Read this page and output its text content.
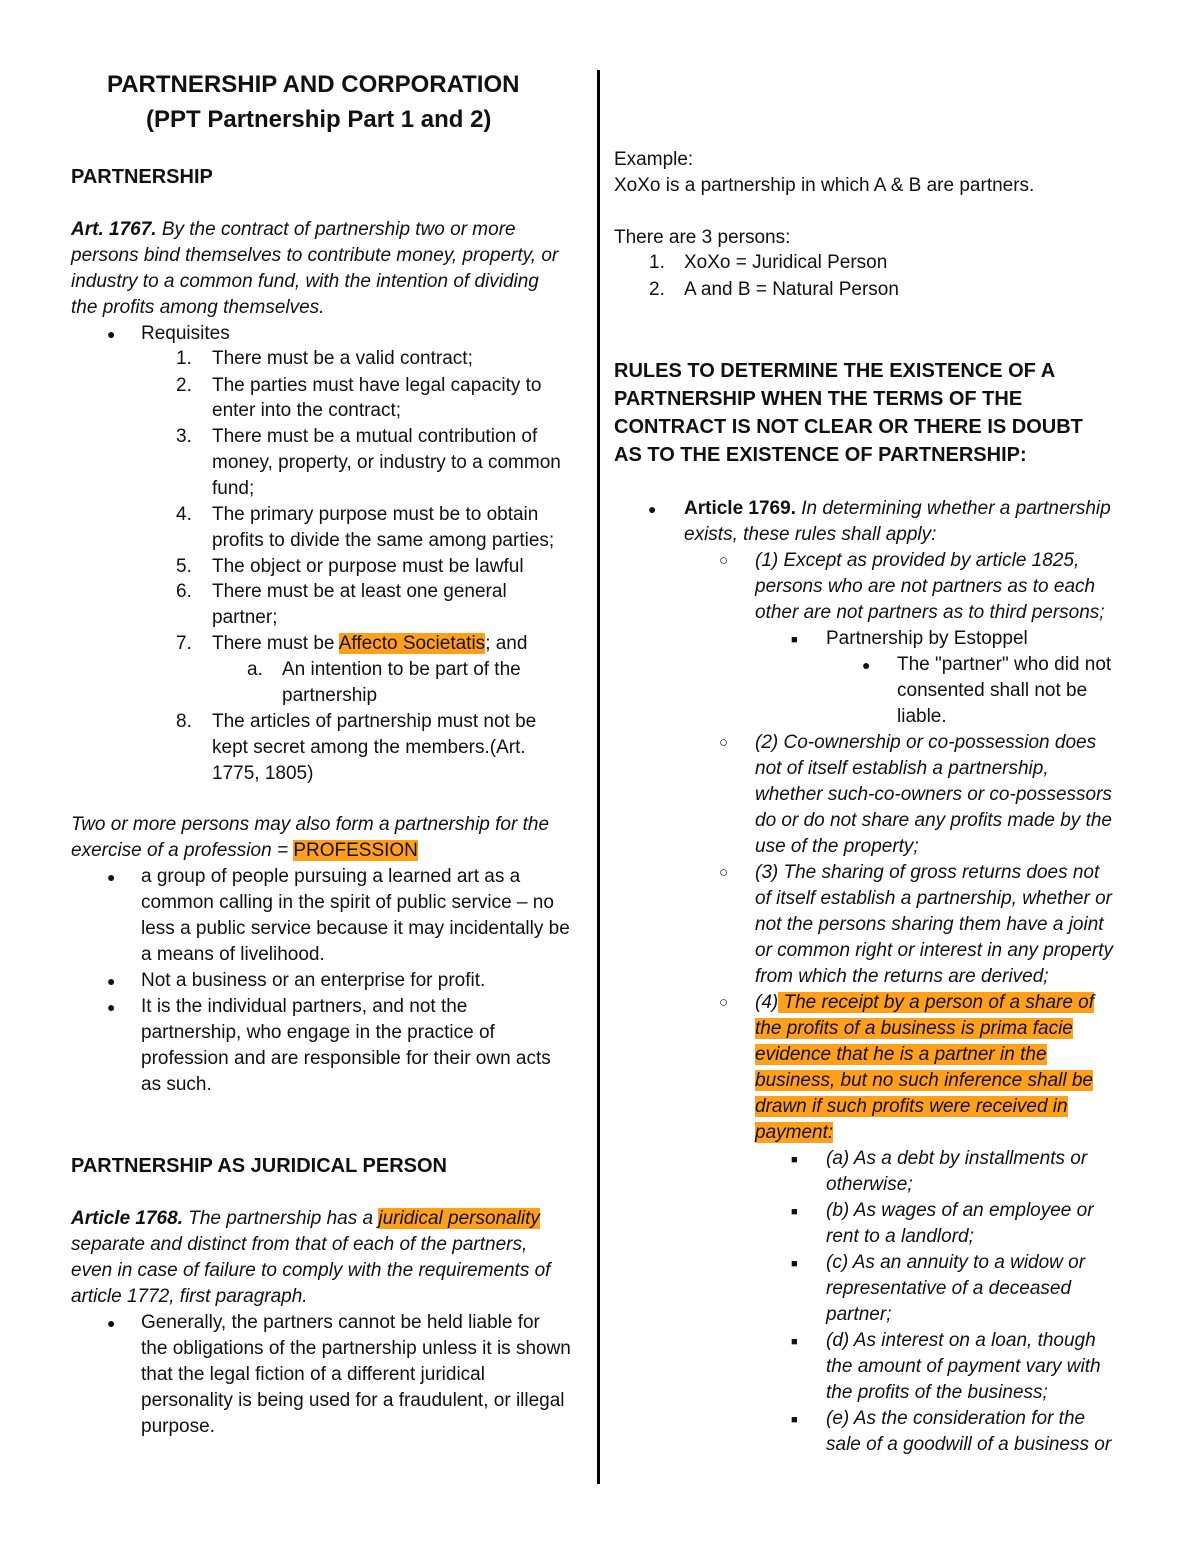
PARTNERSHIP AND CORPORATION
(PPT Partnership Part 1 and 2)
PARTNERSHIP
Art. 1767. By the contract of partnership two or more
persons bind themselves to contribute money, property, or
industry to a common fund, with the intention of dividing
the profits among themselves.
● Requisites
1. There must be a valid contract;
2. The parties must have legal capacity to
enter into the contract;
3. There must be a mutual contribution of
money, property, or industry to a common
fund;
4. The primary purpose must be to obtain
profits to divide the same among parties;
5. The object or purpose must be lawful
6. There must be at least one general
partner;
7. There must be Affecto Societatis; and
a. An intention to be part of the
partnership
8. The articles of partnership must not be
kept secret among the members.(Art.
1775, 1805)
Two or more persons may also form a partnership for the
exercise of a profession = PROFESSION
● a group of people pursuing a learned art as a
common calling in the spirit of public service – no
less a public service because it may incidentally be
a means of livelihood.
● Not a business or an enterprise for profit.
● It is the individual partners, and not the
partnership, who engage in the practice of
profession and are responsible for their own acts
as such.
PARTNERSHIP AS JURIDICAL PERSON
Article 1768. The partnership has a juridical personality
separate and distinct from that of each of the partners,
even in case of failure to comply with the requirements of
article 1772, first paragraph.
● Generally, the partners cannot be held liable for
the obligations of the partnership unless it is shown
that the legal fiction of a different juridical
personality is being used for a fraudulent, or illegal
purpose.
Example:
XoXo is a partnership in which A & B are partners.
There are 3 persons:
1. XoXo = Juridical Person
2. A and B = Natural Person
RULES TO DETERMINE THE EXISTENCE OF A
PARTNERSHIP WHEN THE TERMS OF THE
CONTRACT IS NOT CLEAR OR THERE IS DOUBT
AS TO THE EXISTENCE OF PARTNERSHIP:
● Article 1769. In determining whether a partnership
exists, these rules shall apply:
○ (1) Except as provided by article 1825,
persons who are not partners as to each
other are not partners as to third persons;
■ Partnership by Estoppel
● The "partner" who did not
consented shall not be
liable.
○ (2) Co-ownership or co-possession does
not of itself establish a partnership,
whether such-co-owners or co-possessors
do or do not share any profits made by the
use of the property;
○ (3) The sharing of gross returns does not
of itself establish a partnership, whether or
not the persons sharing them have a joint
or common right or interest in any property
from which the returns are derived;
○ (4) The receipt by a person of a share of
the profits of a business is prima facie
evidence that he is a partner in the
business, but no such inference shall be
drawn if such profits were received in
payment:
■ (a) As a debt by installments or
otherwise;
■ (b) As wages of an employee or
rent to a landlord;
■ (c) As an annuity to a widow or
representative of a deceased
partner;
■ (d) As interest on a loan, though
the amount of payment vary with
the profits of the business;
■ (e) As the consideration for the
sale of a goodwill of a business or
